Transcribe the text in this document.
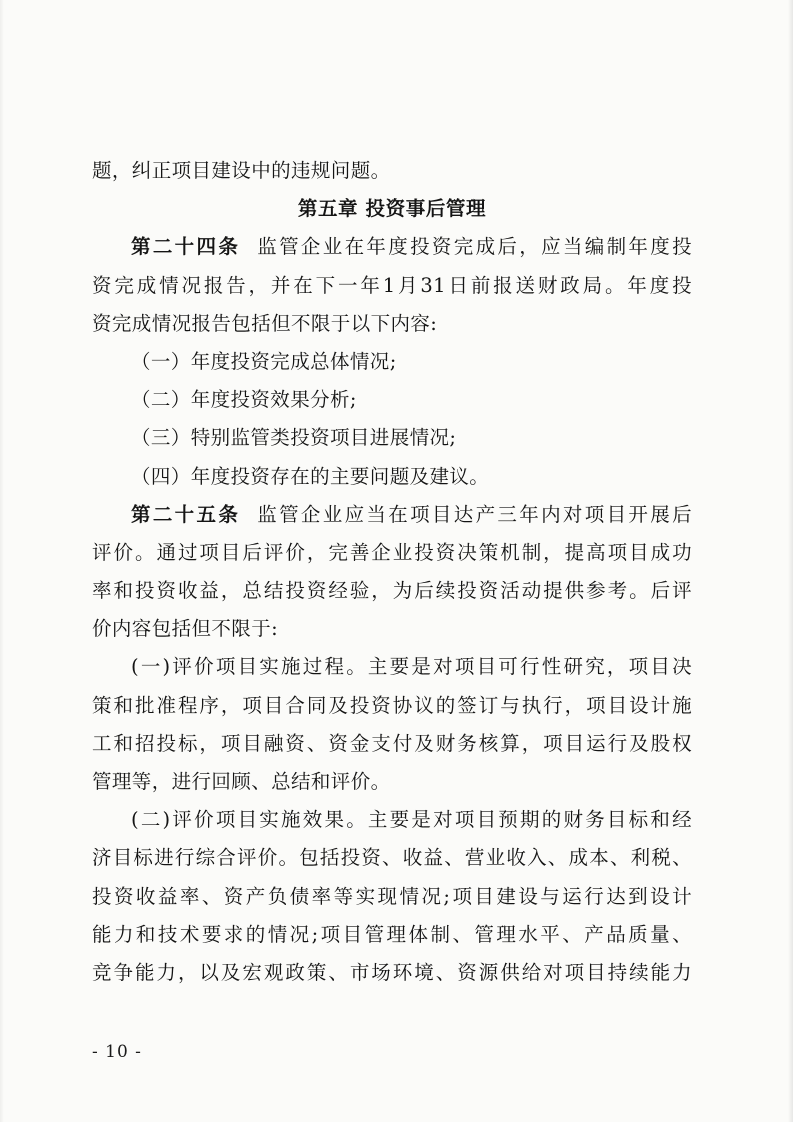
题，纠正项目建设中的违规问题。
第五章 投资事后管理
第二十四条 监管企业在年度投资完成后，应当编制年度投
资完成情况报告，并在下一年1月31日前报送财政局。年度投
资完成情况报告包括但不限于以下内容:
（一）年度投资完成总体情况;
（二）年度投资效果分析;
（三）特别监管类投资项目进展情况;
（四）年度投资存在的主要问题及建议。
第二十五条 监管企业应当在项目达产三年内对项目开展后
评价。通过项目后评价，完善企业投资决策机制，提高项目成功
率和投资收益，总结投资经验，为后续投资活动提供参考。后评
价内容包括但不限于:
(一)评价项目实施过程。主要是对项目可行性研究，项目决
策和批准程序，项目合同及投资协议的签订与执行，项目设计施
工和招投标，项目融资、资金支付及财务核算，项目运行及股权
管理等，进行回顾、总结和评价。
(二)评价项目实施效果。主要是对项目预期的财务目标和经
济目标进行综合评价。包括投资、收益、营业收入、成本、利税、
投资收益率、资产负债率等实现情况;项目建设与运行达到设计
能力和技术要求的情况;项目管理体制、管理水平、产品质量、
竞争能力，以及宏观政策、市场环境、资源供给对项目持续能力
- 10 -
